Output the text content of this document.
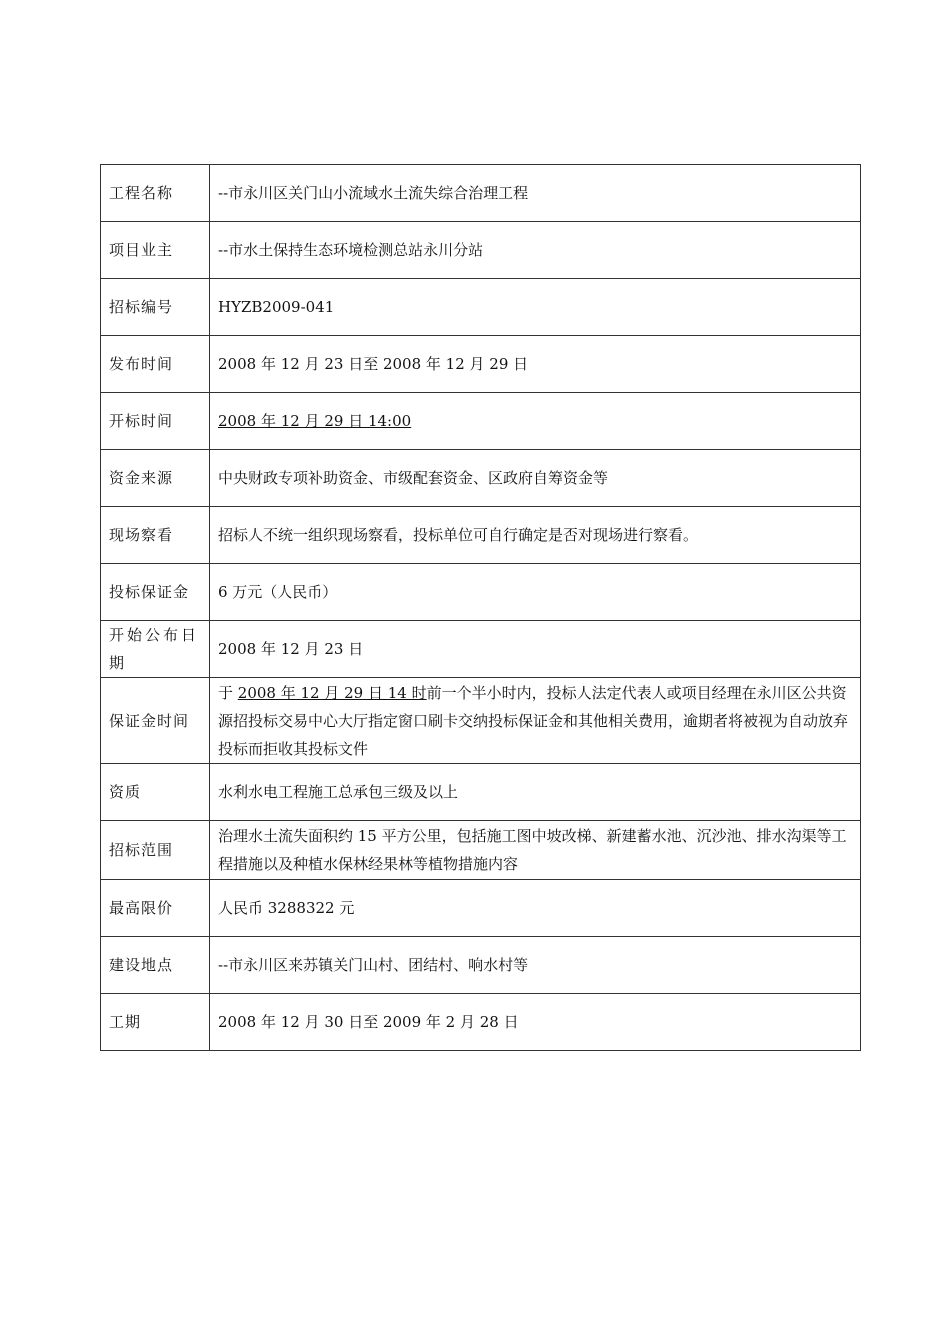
工程名称	--市永川区关门山小流域水土流失综合治理工程
项目业主	--市水土保持生态环境检测总站永川分站
招标编号	HYZB2009-041
发布时间	2008 年 12 月 23 日至 2008 年 12 月 29 日
开标时间	2008 年 12 月 29 日 14:00
资金来源	中央财政专项补助资金、市级配套资金、区政府自筹资金等
现场察看	招标人不统一组织现场察看，投标单位可自行确定是否对现场进行察看。
投标保证金	6 万元（人民币）

开始公布日期	2008 年 12 月 23 日
保证金时间	于 2008 年 12 月 29 日 14 时前一个半小时内，投标人法定代表人或项目经理在永川区公共资源招投标交易中心大厅指定窗口刷卡交纳投标保证金和其他相关费用，逾期者将被视为自动放弃投标而拒收其投标文件
资质	水利水电工程施工总承包三级及以上
招标范围	治理水土流失面积约 15 平方公里，包括施工图中坡改梯、新建蓄水池、沉沙池、排水沟渠等工程措施以及种植水保林经果林等植物措施内容
最高限价	人民币 3288322 元
建设地点	--市永川区来苏镇关门山村、团结村、响水村等
工期	2008 年 12 月 30 日至 2009 年 2 月 28 日
